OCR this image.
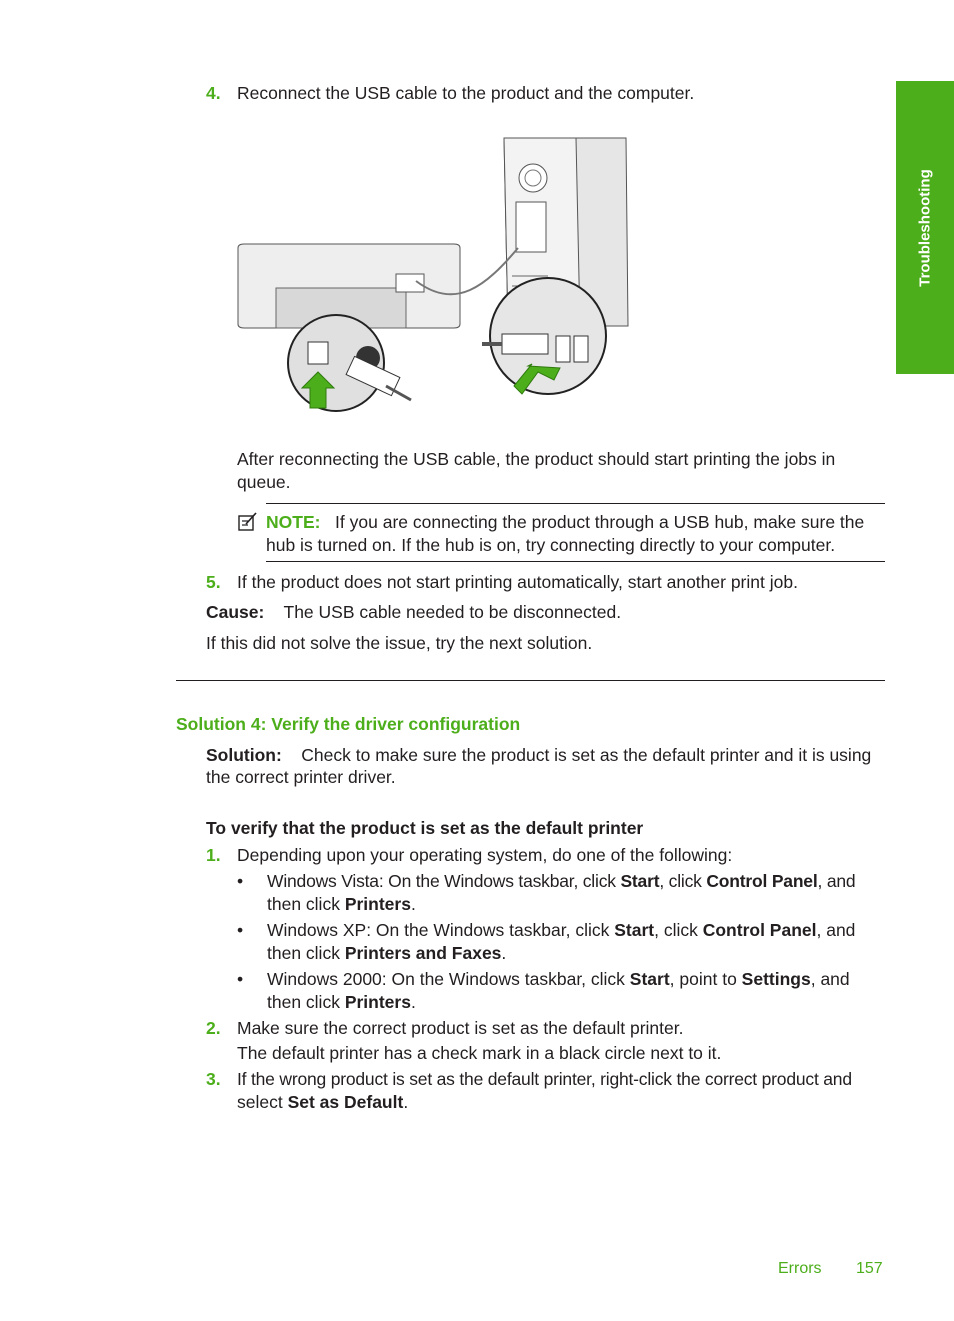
Troubleshooting
4. Reconnect the USB cable to the product and the computer.
After reconnecting the USB cable, the product should start printing the jobs in queue.
NOTE: If you are connecting the product through a USB hub, make sure the
hub is turned on. If the hub is on, try connecting directly to your computer.
5. If the product does not start printing automatically, start another print job.
Cause: The USB cable needed to be disconnected.
If this did not solve the issue, try the next solution.
Solution 4: Verify the driver configuration
Solution: Check to make sure the product is set as the default printer and it is using
the correct printer driver.
To verify that the product is set as the default printer
1. Depending upon your operating system, do one of the following:
• Windows Vista: On the Windows taskbar, click Start, click Control Panel, and
then click Printers.
• Windows XP: On the Windows taskbar, click Start, click Control Panel, and
then click Printers and Faxes.
• Windows 2000: On the Windows taskbar, click Start, point to Settings, and
then click Printers.
2. Make sure the correct product is set as the default printer.
The default printer has a check mark in a black circle next to it.
3. If the wrong product is set as the default printer, right-click the correct product and
select Set as Default.
Errors 157
